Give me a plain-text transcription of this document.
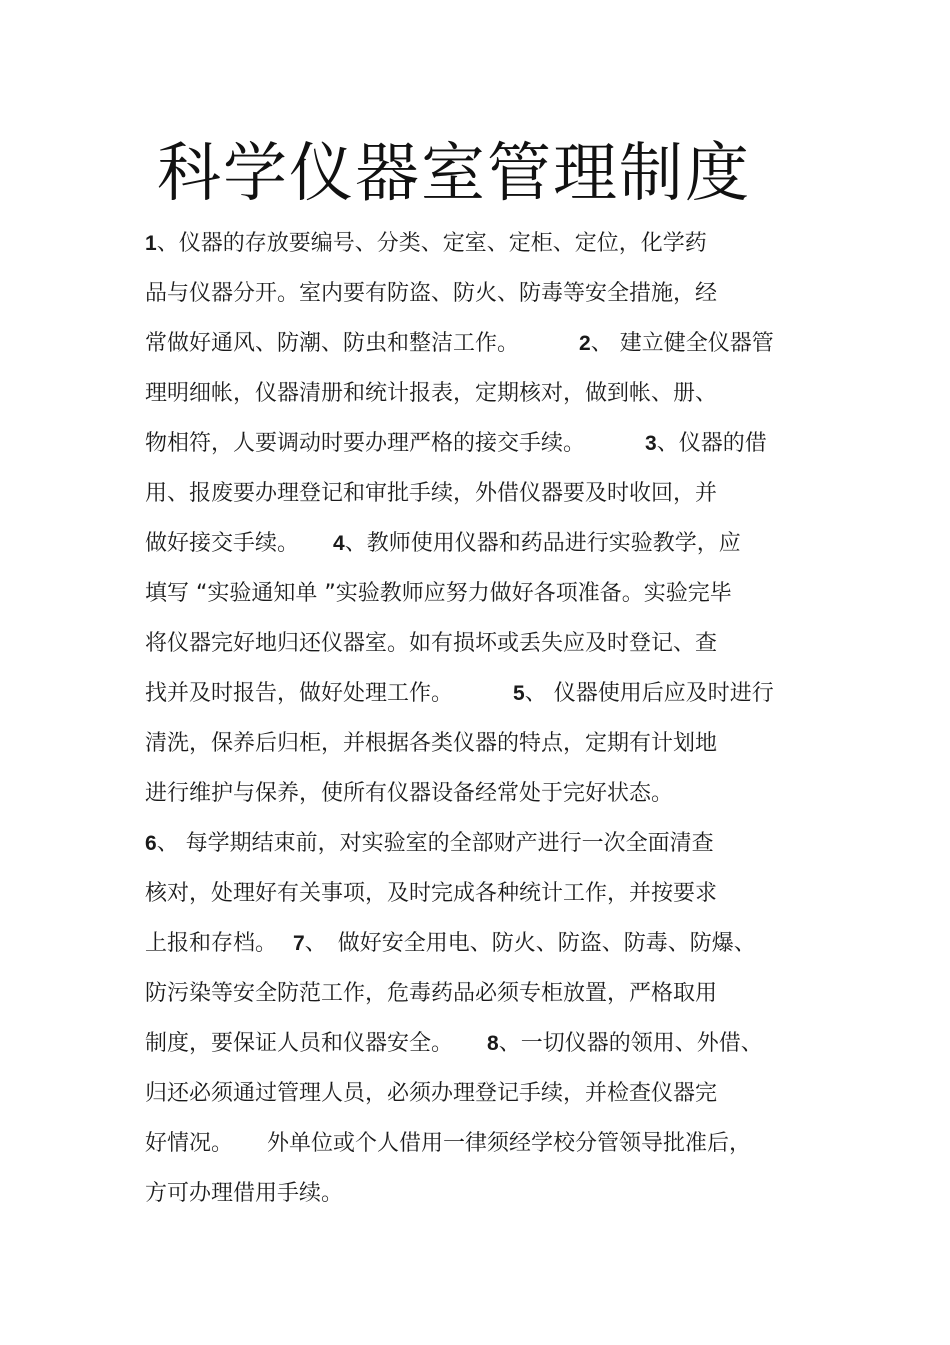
科学仪器室管理制度
1、仪器的存放要编号、分类、定室、定柜、定位，化学药
品与仪器分开。室内要有防盗、防火、防毒等安全措施，经
常做好通风、防潮、防虫和整洁工作。	2、 建立健全仪器管
理明细帐，仪器清册和统计报表，定期核对，做到帐、册、
物相符，人要调动时要办理严格的接交手续。	3、仪器的借
用、报废要办理登记和审批手续，外借仪器要及时收回，并
做好接交手续。 4、教师使用仪器和药品进行实验教学，应
填写 “实验通知单 ”实验教师应努力做好各项准备。实验完毕
将仪器完好地归还仪器室。如有损坏或丢失应及时登记、查
找并及时报告，做好处理工作。	5、 仪器使用后应及时进行
清洗，保养后归柜，并根据各类仪器的特点，定期有计划地
进行维护与保养，使所有仪器设备经常处于完好状态。
6、 每学期结束前，对实验室的全部财产进行一次全面清查
核对，处理好有关事项，及时完成各种统计工作，并按要求
上报和存档。 7、　做好安全用电、防火、防盗、防毒、防爆、
防污染等安全防范工作，危毒药品必须专柜放置，严格取用
制度，要保证人员和仪器安全。 8、一切仪器的领用、外借、
归还必须通过管理人员，必须办理登记手续，并检查仪器完
好情况。 外单位或个人借用一律须经学校分管领导批准后，
方可办理借用手续。
